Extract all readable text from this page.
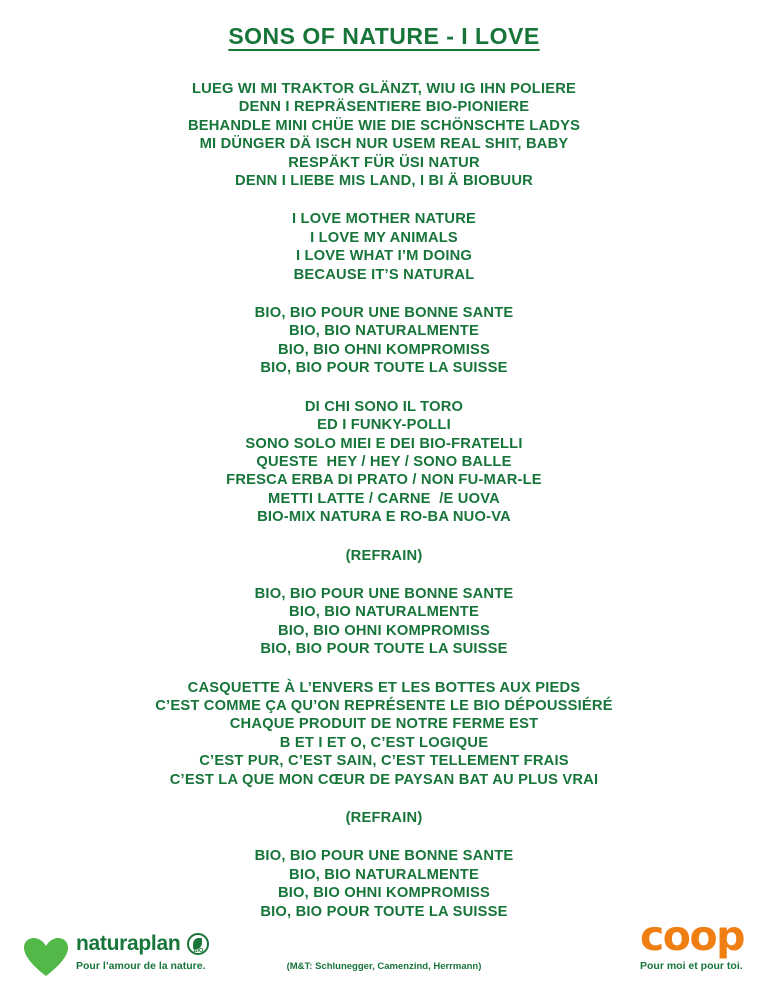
SONS OF NATURE - I LOVE
LUEG WI MI TRAKTOR GLÄNZT, WIU IG IHN POLIERE
DENN I REPRÄSENTIERE BIO-PIONIERE
BEHANDLE MINI CHÜE WIE DIE SCHÖNSCHTE LADYS
MI DÜNGER DÄ ISCH NUR USEM REAL SHIT, BABY
RESPÄKT FÜR ÜSI NATUR
DENN I LIEBE MIS LAND, I BI Ä BIOBUUR
I LOVE MOTHER NATURE
I LOVE MY ANIMALS
I LOVE WHAT I’M DOING
BECAUSE IT’S NATURAL
BIO, BIO POUR UNE BONNE SANTE
BIO, BIO NATURALMENTE
BIO, BIO OHNI KOMPROMISS
BIO, BIO POUR TOUTE LA SUISSE
DI CHI SONO IL TORO
ED I FUNKY-POLLI
SONO SOLO MIEI E DEI BIO-FRATELLI
QUESTE  HEY / HEY / SONO BALLE
FRESCA ERBA DI PRATO / NON FU-MAR-LE
METTI LATTE / CARNE  /E UOVA
BIO-MIX NATURA E RO-BA NUO-VA
(REFRAIN)
BIO, BIO POUR UNE BONNE SANTE
BIO, BIO NATURALMENTE
BIO, BIO OHNI KOMPROMISS
BIO, BIO POUR TOUTE LA SUISSE
CASQUETTE À L’ENVERS ET LES BOTTES AUX PIEDS
C’EST COMME ÇA QU’ON REPRÉSENTE LE BIO DÉPOUSSIÉRÉ
CHAQUE PRODUIT DE NOTRE FERME EST
B ET I ET O, C’EST LOGIQUE
C’EST PUR, C’EST SAIN, C’EST TELLEMENT FRAIS
C’EST LA QUE MON CŒUR DE PAYSAN BAT AU PLUS VRAI
(REFRAIN)
BIO, BIO POUR UNE BONNE SANTE
BIO, BIO NATURALMENTE
BIO, BIO OHNI KOMPROMISS
BIO, BIO POUR TOUTE LA SUISSE
naturaplan	BIO
Pour l’amour de la nature.	(M&T: Schlunegger, Camenzind, Herrmann)
coop
Pour moi et pour toi.
